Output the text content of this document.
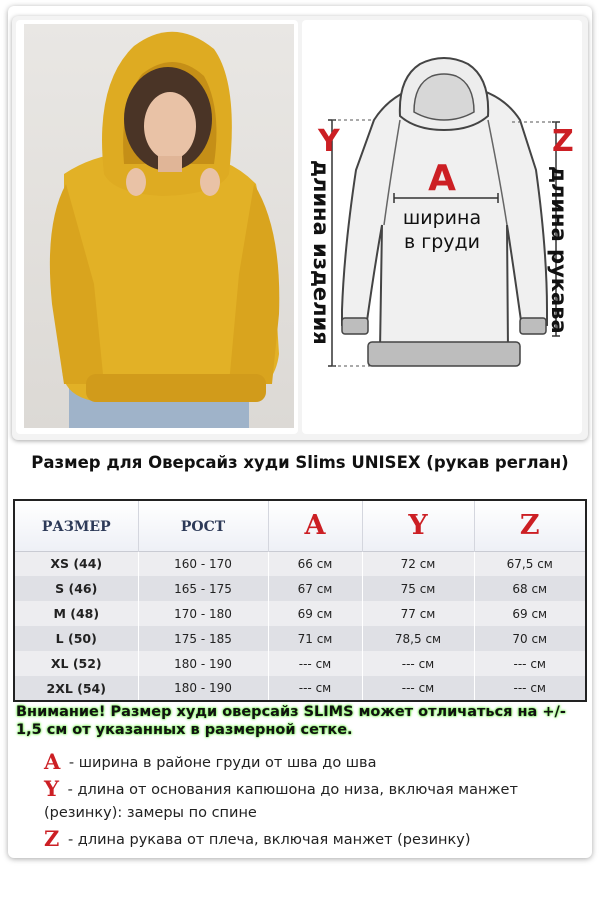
Y
A
Z
ширина
в груди
длина изделия	длина рукава
Размер для Оверсайз худи Slims UNISEX (рукав реглан)
РАЗМЕР	РОСТ	A	Y	Z
XS (44)	160 - 170	66 см	72 см	67,5 см
S (46)	165 - 175	67 см	75 см	68 см
M (48)	170 - 180	69 см	77 см	69 см
L (50)	175 - 185	71 см	78,5 см	70 см
XL (52)	180 - 190	--- см	--- см	--- см
2XL (54)	180 - 190	--- см	--- см	--- см
Внимание! Размер худи оверсайз SLIMS может отличаться на +/- 1,5 см от указанных в размерной сетке.
A - ширина в районе груди от шва до шва
Y - длина от основания капюшона до низа, включая манжет (резинку): замеры по спине
Z - длина рукава от плеча, включая манжет (резинку)
